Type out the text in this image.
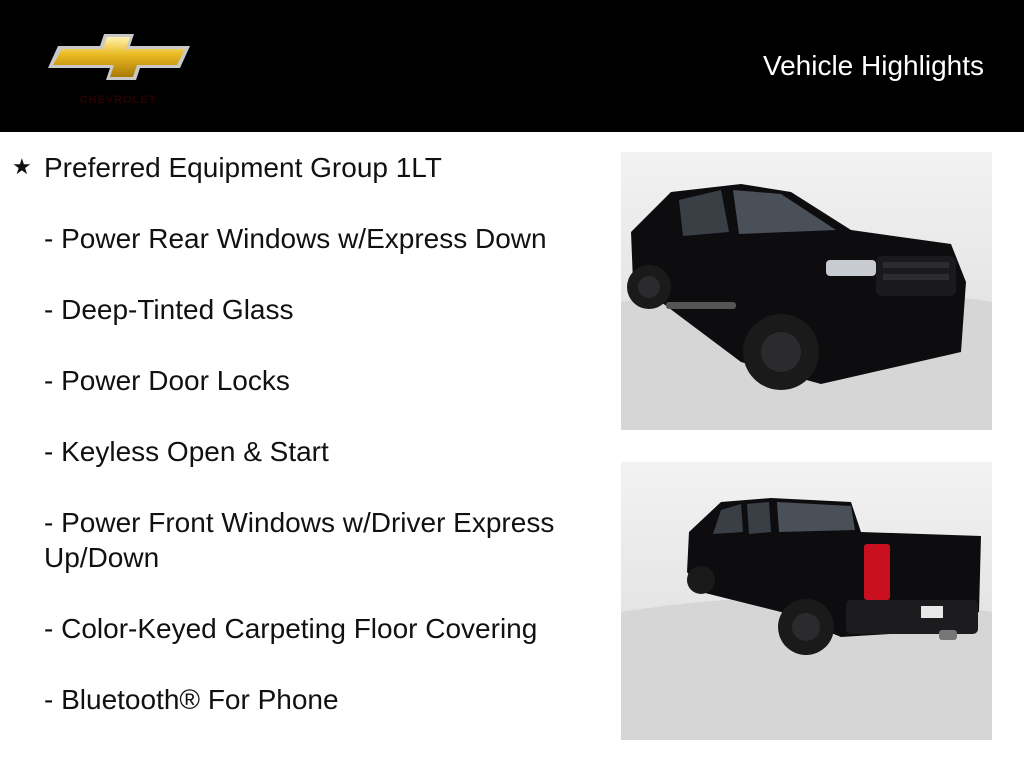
CHEVROLET
Vehicle Highlights
★ Preferred Equipment Group 1LT
- Power Rear Windows w/Express Down
- Deep-Tinted Glass
- Power Door Locks
- Keyless Open & Start
- Power Front Windows w/Driver Express Up/Down
- Color-Keyed Carpeting Floor Covering
- Bluetooth® For Phone
